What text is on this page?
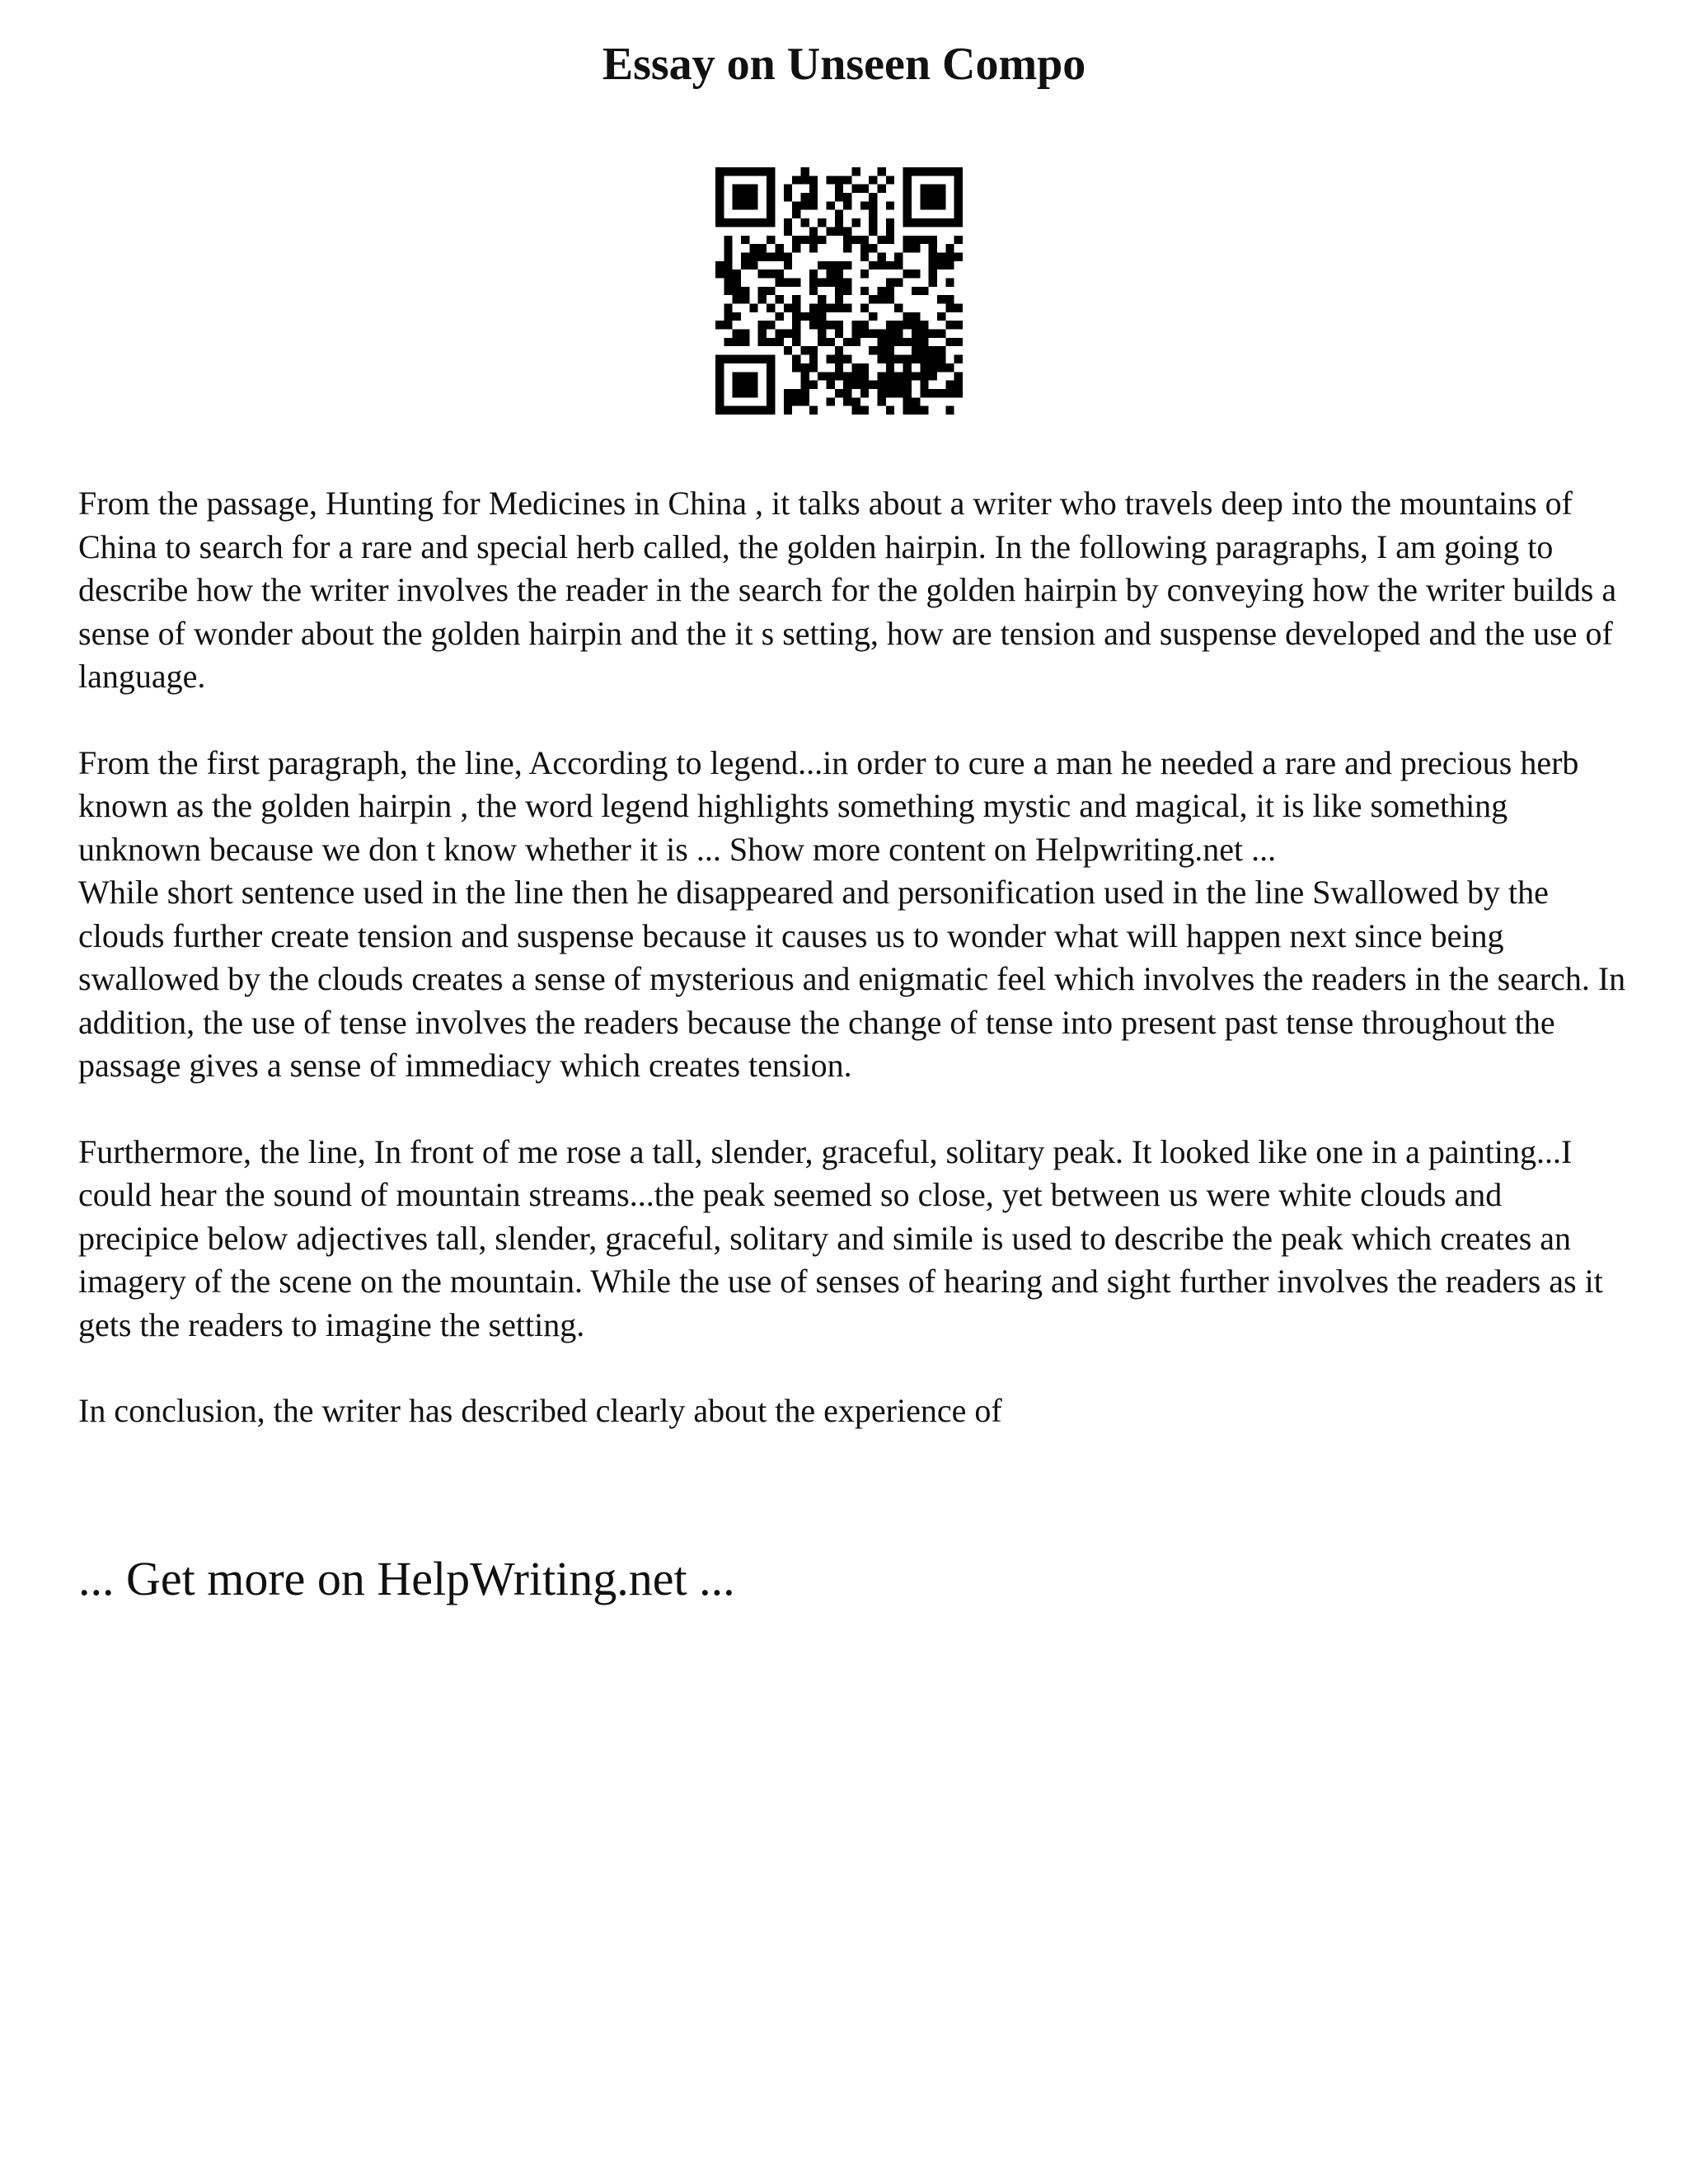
Essay on Unseen Compo

From the passage, Hunting for Medicines in China , it talks about a writer who travels deep into the mountains of China to search for a rare and special herb called, the golden hairpin. In the following paragraphs, I am going to describe how the writer involves the reader in the search for the golden hairpin by conveying how the writer builds a sense of wonder about the golden hairpin and the it s setting, how are tension and suspense developed and the use of language.

From the first paragraph, the line, According to legend...in order to cure a man he needed a rare and precious herb known as the golden hairpin , the word legend highlights something mystic and magical, it is like something unknown because we don t know whether it is ... Show more content on Helpwriting.net ...

While short sentence used in the line then he disappeared and personification used in the line Swallowed by the clouds further create tension and suspense because it causes us to wonder what will happen next since being swallowed by the clouds creates a sense of mysterious and enigmatic feel which involves the readers in the search. In addition, the use of tense involves the readers because the change of tense into present past tense throughout the passage gives a sense of immediacy which creates tension.

Furthermore, the line, In front of me rose a tall, slender, graceful, solitary peak. It looked like one in a painting...I could hear the sound of mountain streams...the peak seemed so close, yet between us were white clouds and precipice below adjectives tall, slender, graceful, solitary and simile is used to describe the peak which creates an imagery of the scene on the mountain. While the use of senses of hearing and sight further involves the readers as it gets the readers to imagine the setting.

In conclusion, the writer has described clearly about the experience of

... Get more on HelpWriting.net ...
